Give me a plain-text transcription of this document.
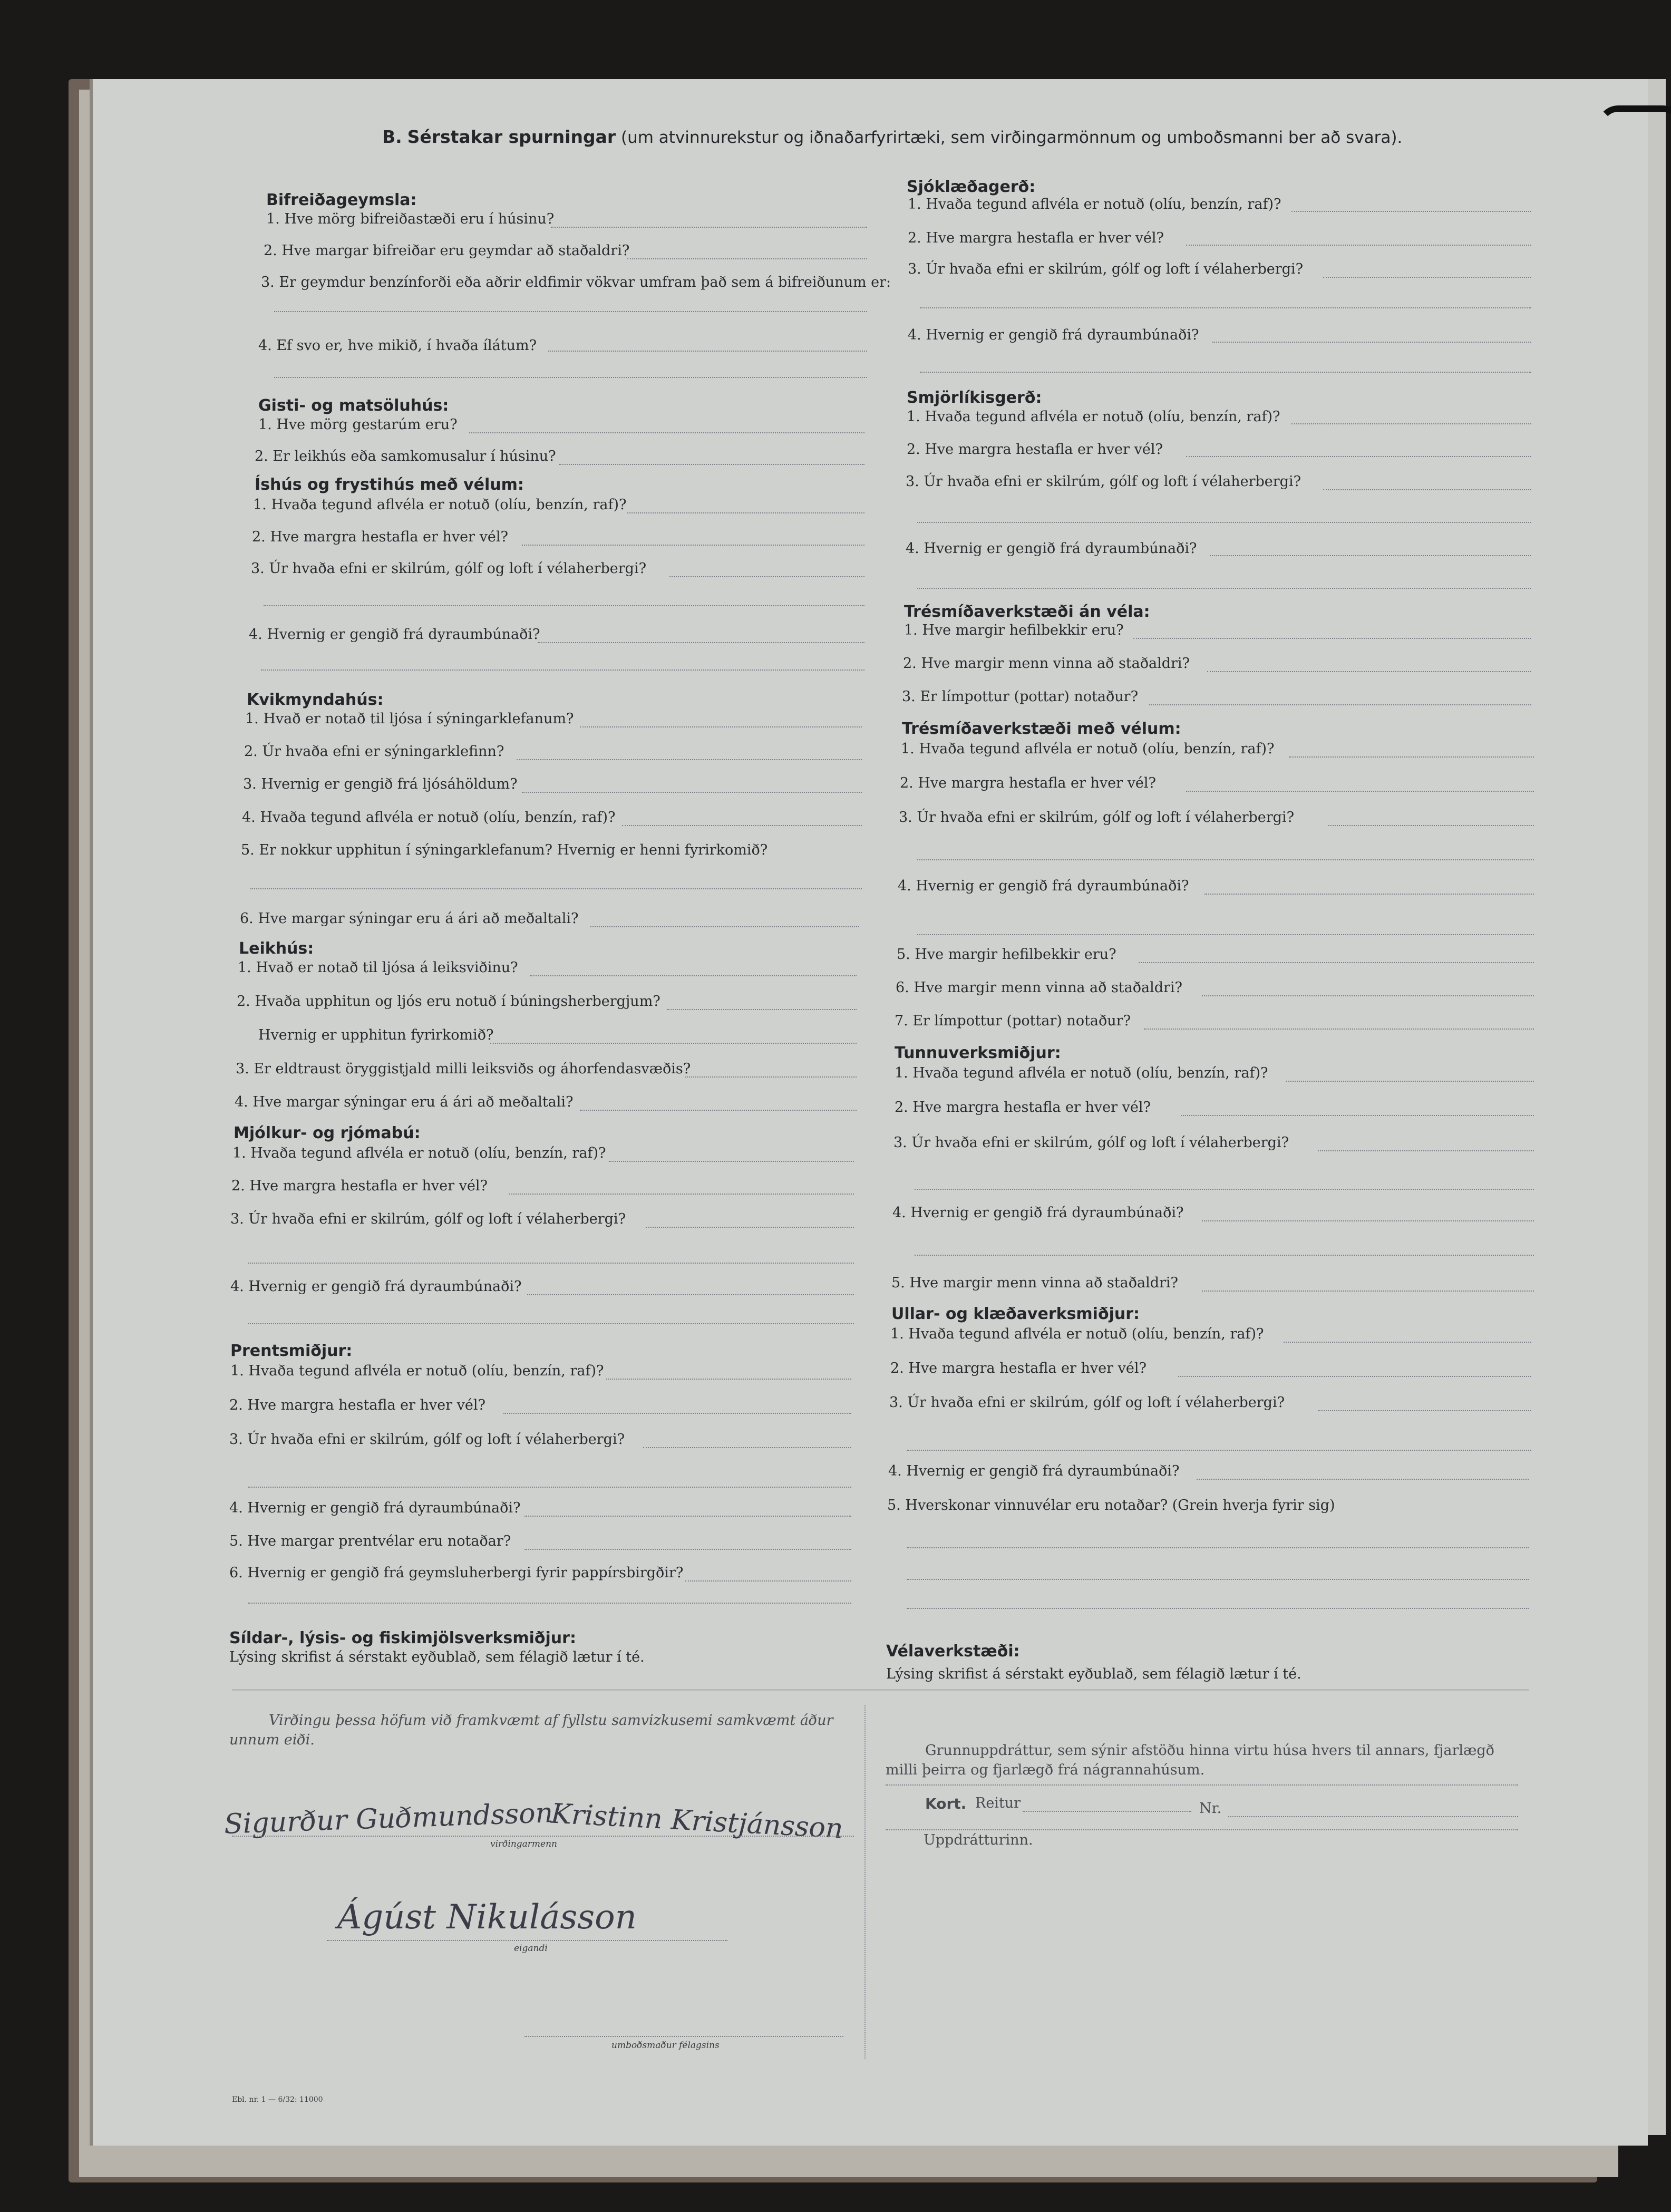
B. Sérstakar spurningar (um atvinnurekstur og iðnaðarfyrirtæki, sem virðingarmönnum og umboðsmanni ber að svara).
Bifreiðageymsla:
1. Hve mörg bifreiðastæði eru í húsinu?
2. Hve margar bifreiðar eru geymdar að staðaldri?
3. Er geymdur benzínforði eða aðrir eldfimir vökvar umfram það sem á bifreiðunum er:
4. Ef svo er, hve mikið, í hvaða ílátum?
Gisti- og matsöluhús:
1. Hve mörg gestarúm eru?
2. Er leikhús eða samkomusalur í húsinu?
Íshús og frystihús með vélum:
1. Hvaða tegund aflvéla er notuð (olíu, benzín, raf)?
2. Hve margra hestafla er hver vél?
3. Úr hvaða efni er skilrúm, gólf og loft í vélaherbergi?
4. Hvernig er gengið frá dyraumbúnaði?
Kvikmyndahús:
1. Hvað er notað til ljósa í sýningarklefanum?
2. Úr hvaða efni er sýningarklefinn?
3. Hvernig er gengið frá ljósáhöldum?
4. Hvaða tegund aflvéla er notuð (olíu, benzín, raf)?
5. Er nokkur upphitun í sýningarklefanum? Hvernig er henni fyrirkomið?
6. Hve margar sýningar eru á ári að meðaltali?
Leikhús:
1. Hvað er notað til ljósa á leiksviðinu?
2. Hvaða upphitun og ljós eru notuð í búningsherbergjum?
Hvernig er upphitun fyrirkomið?
3. Er eldtraust öryggistjald milli leiksviðs og áhorfendasvæðis?
4. Hve margar sýningar eru á ári að meðaltali?
Mjólkur- og rjómabú:
1. Hvaða tegund aflvéla er notuð (olíu, benzín, raf)?
2. Hve margra hestafla er hver vél?
3. Úr hvaða efni er skilrúm, gólf og loft í vélaherbergi?
4. Hvernig er gengið frá dyraumbúnaði?
Prentsmiðjur:
1. Hvaða tegund aflvéla er notuð (olíu, benzín, raf)?
2. Hve margra hestafla er hver vél?
3. Úr hvaða efni er skilrúm, gólf og loft í vélaherbergi?
4. Hvernig er gengið frá dyraumbúnaði?
5. Hve margar prentvélar eru notaðar?
6. Hvernig er gengið frá geymsluherbergi fyrir pappírsbirgðir?
Síldar-, lýsis- og fiskimjölsverksmiðjur:
Lýsing skrifist á sérstakt eyðublað, sem félagið lætur í té.
Sjóklæðagerð:
1. Hvaða tegund aflvéla er notuð (olíu, benzín, raf)?
2. Hve margra hestafla er hver vél?
3. Úr hvaða efni er skilrúm, gólf og loft í vélaherbergi?
4. Hvernig er gengið frá dyraumbúnaði?
Smjörlíkisgerð:
1. Hvaða tegund aflvéla er notuð (olíu, benzín, raf)?
2. Hve margra hestafla er hver vél?
3. Úr hvaða efni er skilrúm, gólf og loft í vélaherbergi?
4. Hvernig er gengið frá dyraumbúnaði?
Trésmíðaverkstæði án véla:
1. Hve margir hefilbekkir eru?
2. Hve margir menn vinna að staðaldri?
3. Er límpottur (pottar) notaður?
Trésmíðaverkstæði með vélum:
1. Hvaða tegund aflvéla er notuð (olíu, benzín, raf)?
2. Hve margra hestafla er hver vél?
3. Úr hvaða efni er skilrúm, gólf og loft í vélaherbergi?
4. Hvernig er gengið frá dyraumbúnaði?
5. Hve margir hefilbekkir eru?
6. Hve margir menn vinna að staðaldri?
7. Er límpottur (pottar) notaður?
Tunnuverksmiðjur:
1. Hvaða tegund aflvéla er notuð (olíu, benzín, raf)?
2. Hve margra hestafla er hver vél?
3. Úr hvaða efni er skilrúm, gólf og loft í vélaherbergi?
4. Hvernig er gengið frá dyraumbúnaði?
5. Hve margir menn vinna að staðaldri?
Ullar- og klæðaverksmiðjur:
1. Hvaða tegund aflvéla er notuð (olíu, benzín, raf)?
2. Hve margra hestafla er hver vél?
3. Úr hvaða efni er skilrúm, gólf og loft í vélaherbergi?
4. Hvernig er gengið frá dyraumbúnaði?
5. Hverskonar vinnuvélar eru notaðar? (Grein hverja fyrir sig)
Vélaverkstæði:
Lýsing skrifist á sérstakt eyðublað, sem félagið lætur í té.
Virðingu þessa höfum við framkvæmt af fyllstu samvizkusemi samkvæmt áður
unnum eiði.
Sigurður Guðmundsson
Kristinn Kristjánsson
virðingarmenn
Ágúst Nikulásson
eigandi
umboðsmaður félagsins
Grunnuppdráttur, sem sýnir afstöðu hinna virtu húsa hvers til annars, fjarlægð
milli þeirra og fjarlægð frá nágrannahúsum.
Kort. Reitur	Nr.
Uppdrátturinn.
Ebl. nr. 1 — 6/32: 11000
